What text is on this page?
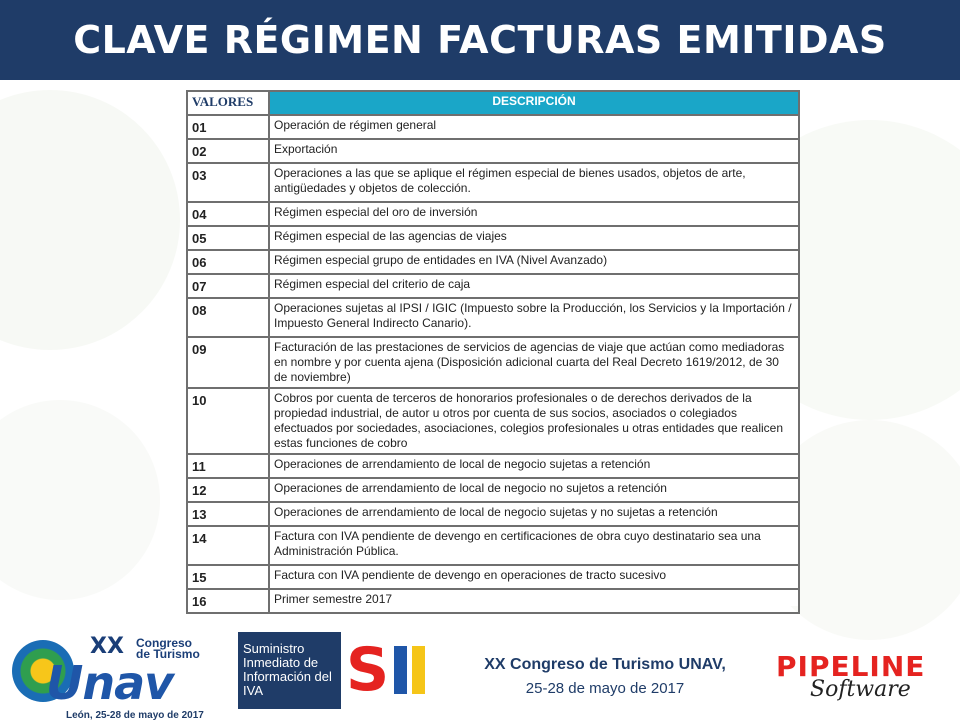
CLAVE RÉGIMEN FACTURAS EMITIDAS
VALORES	DESCRIPCIÓN
01	Operación de régimen general
02	Exportación
03	Operaciones a las que se aplique el régimen especial de bienes usados, objetos de arte, antigüedades y objetos de colección.
04	Régimen especial del oro de inversión
05	Régimen especial de las agencias de viajes
06	Régimen especial grupo de entidades en IVA (Nivel Avanzado)
07	Régimen especial del criterio de caja
08	Operaciones sujetas al IPSI / IGIC (Impuesto sobre la Producción, los Servicios y la Importación / Impuesto General Indirecto Canario).
09	Facturación de las prestaciones de servicios de agencias de viaje que actúan como mediadoras en nombre y por cuenta ajena (Disposición adicional cuarta del Real Decreto 1619/2012, de 30 de noviembre)
10	Cobros por cuenta de terceros de honorarios profesionales o de derechos derivados de la propiedad industrial, de autor u otros por cuenta de sus socios, asociados o colegiados efectuados por sociedades, asociaciones, colegios profesionales u otras entidades que realicen estas funciones de cobro
11	Operaciones de arrendamiento de local de negocio sujetas a retención
12	Operaciones de arrendamiento de local de negocio no sujetos a retención
13	Operaciones de arrendamiento de local de negocio sujetas y no sujetas a retención
14	Factura con IVA pendiente de devengo en certificaciones de obra cuyo destinatario sea una Administración Pública.
15	Factura con IVA pendiente de devengo en operaciones de tracto sucesivo
16	Primer semestre 2017
XX Congreso
de Turismo
Unav
León, 25-28 de mayo de 2017
Suministro Inmediato de Información del IVA	S	XX Congreso de Turismo UNAV,
25-28 de mayo de 2017
PIPELINE
Software
